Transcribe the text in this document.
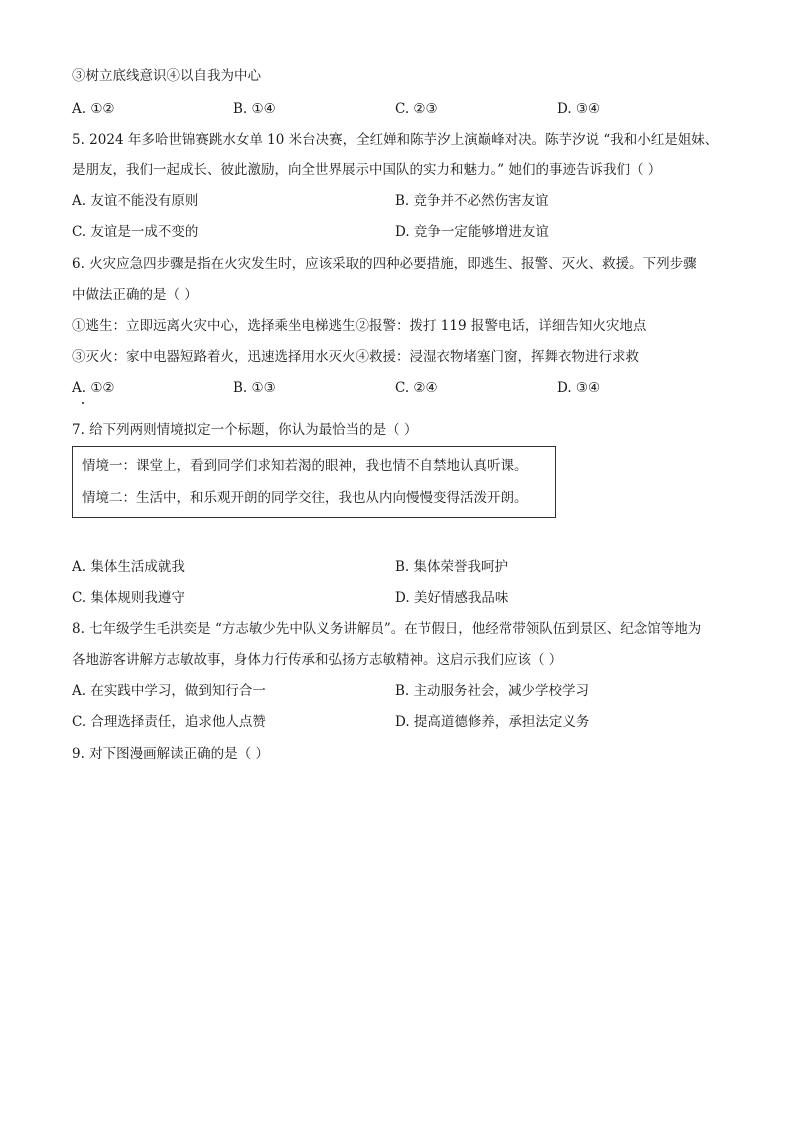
③树立底线意识④以自我为中心
A. ①②	B. ①④	C. ②③	D. ③④
5. 2024 年多哈世锦赛跳水女单 10 米台决赛，全红婵和陈芋汐上演巅峰对决。陈芋汐说 “我和小红是姐妹、
是朋友，我们一起成长、彼此激励，向全世界展示中国队的实力和魅力。” 她们的事迹告诉我们（ ）
A. 友谊不能没有原则	B. 竞争并不必然伤害友谊
C. 友谊是一成不变的	D. 竞争一定能够增进友谊
6. 火灾应急四步骤是指在火灾发生时，应该采取的四种必要措施，即逃生、报警、灭火、救援。下列步骤
中做法正确的是（ ）
①逃生：立即远离火灾中心，选择乘坐电梯逃生②报警：拨打 119 报警电话，详细告知火灾地点
③灭火：家中电器短路着火，迅速选择用水灭火④救援：浸湿衣物堵塞门窗，挥舞衣物进行求救
A. ①②	B. ①③	C. ②④	D. ③④
7. 给下列两则情境拟定一个标题，你认为最恰当的是（ ）
情境一：课堂上，看到同学们求知若渴的眼神，我也情不自禁地认真听课。
情境二：生活中，和乐观开朗的同学交往，我也从内向慢慢变得活泼开朗。
A. 集体生活成就我	B. 集体荣誉我呵护
C. 集体规则我遵守	D. 美好情感我品味
8. 七年级学生毛洪奕是 “方志敏少先中队义务讲解员”。在节假日，他经常带领队伍到景区、纪念馆等地为
各地游客讲解方志敏故事，身体力行传承和弘扬方志敏精神。这启示我们应该（ ）
A. 在实践中学习，做到知行合一	B. 主动服务社会，减少学校学习
C. 合理选择责任，追求他人点赞	D. 提高道德修养，承担法定义务
9. 对下图漫画解读正确的是（ ）
